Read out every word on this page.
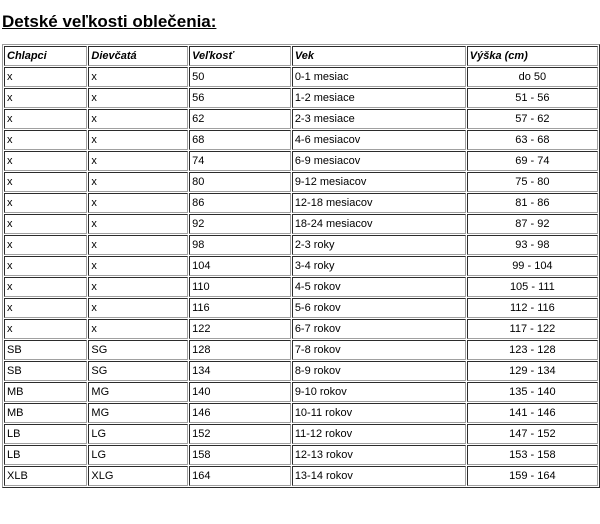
Detské veľkosti oblečenia:
Chlapci	Dievčatá	Veľkosť	Vek	Výška (cm)
x	x	50	0-1 mesiac	do 50
x	x	56	1-2 mesiace	51 - 56
x	x	62	2-3 mesiace	57 - 62
x	x	68	4-6 mesiacov	63 - 68
x	x	74	6-9 mesiacov	69 - 74
x	x	80	9-12 mesiacov	75 - 80
x	x	86	12-18 mesiacov	81 - 86
x	x	92	18-24 mesiacov	87 - 92
x	x	98	2-3 roky	93 - 98
x	x	104	3-4 roky	99 - 104
x	x	110	4-5 rokov	105 - 111
x	x	116	5-6 rokov	112 - 116
x	x	122	6-7 rokov	117 - 122
SB	SG	128	7-8 rokov	123 - 128
SB	SG	134	8-9 rokov	129 - 134
MB	MG	140	9-10 rokov	135 - 140
MB	MG	146	10-11 rokov	141 - 146
LB	LG	152	11-12 rokov	147 - 152
LB	LG	158	12-13 rokov	153 - 158
XLB	XLG	164	13-14 rokov	159 - 164
